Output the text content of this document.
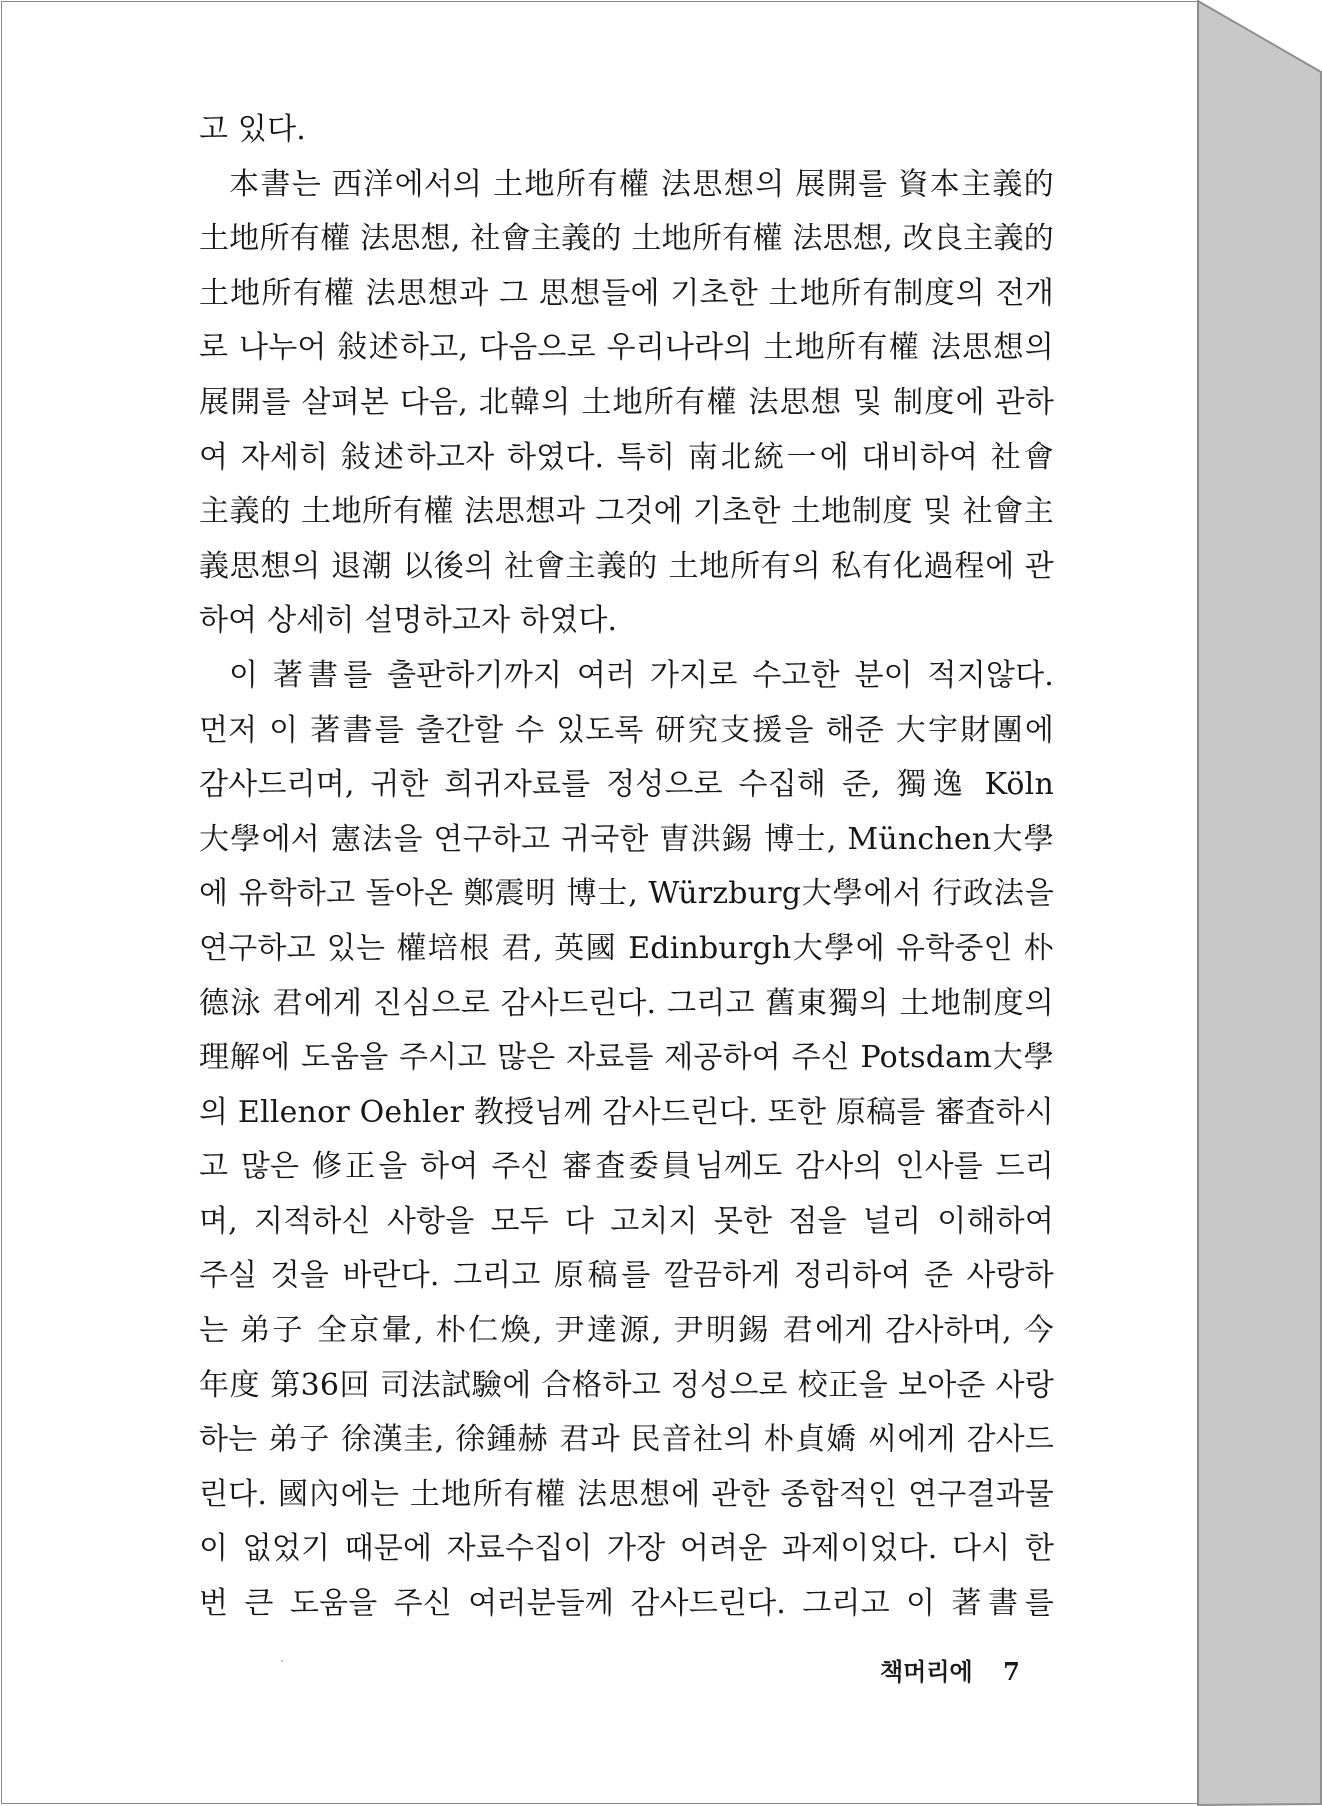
고 있다.
本書는 西洋에서의 土地所有權 法思想의 展開를 資本主義的
土地所有權 法思想, 社會主義的 土地所有權 法思想, 改良主義的
土地所有權 法思想과 그 思想들에 기초한 土地所有制度의 전개
로 나누어 敍述하고, 다음으로 우리나라의 土地所有權 法思想의
展開를 살펴본 다음, 北韓의 土地所有權 法思想 및 制度에 관하
여 자세히 敍述하고자 하였다. 특히 南北統一에 대비하여 社會
主義的 土地所有權 法思想과 그것에 기초한 土地制度 및 社會主
義思想의 退潮 以後의 社會主義的 土地所有의 私有化過程에 관
하여 상세히 설명하고자 하였다.
이 著書를 출판하기까지 여러 가지로 수고한 분이 적지않다.
먼저 이 著書를 출간할 수 있도록 研究支援을 해준 大宇財團에
감사드리며, 귀한 희귀자료를 정성으로 수집해 준, 獨逸 Köln
大學에서 憲法을 연구하고 귀국한 曺洪錫 博士, München大學
에 유학하고 돌아온 鄭震明 博士, Würzburg大學에서 行政法을
연구하고 있는 權培根 君, 英國 Edinburgh大學에 유학중인 朴
德泳 君에게 진심으로 감사드린다. 그리고 舊東獨의 土地制度의
理解에 도움을 주시고 많은 자료를 제공하여 주신 Potsdam大學
의 Ellenor Oehler 教授님께 감사드린다. 또한 原稿를 審査하시
고 많은 修正을 하여 주신 審査委員님께도 감사의 인사를 드리
며, 지적하신 사항을 모두 다 고치지 못한 점을 널리 이해하여
주실 것을 바란다. 그리고 原稿를 깔끔하게 정리하여 준 사랑하
는 弟子 全京暈, 朴仁煥, 尹達源, 尹明錫 君에게 감사하며, 今
年度 第36回 司法試驗에 合格하고 정성으로 校正을 보아준 사랑
하는 弟子 徐漢圭, 徐鍾赫 君과 民音社의 朴貞嬌 씨에게 감사드
린다. 國內에는 土地所有權 法思想에 관한 종합적인 연구결과물
이 없었기 때문에 자료수집이 가장 어려운 과제이었다. 다시 한
번 큰 도움을 주신 여러분들께 감사드린다. 그리고 이 著書를
책머리에 7
